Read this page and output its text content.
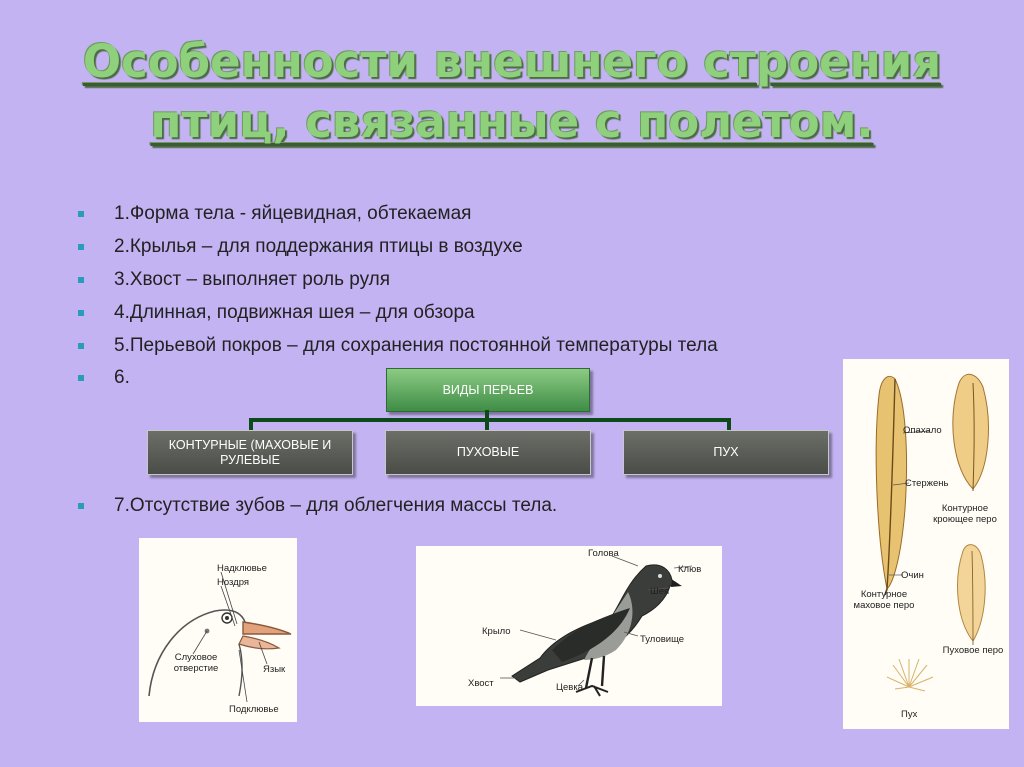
Особенности внешнего строения
птиц, связанные с полетом.
1.Форма тела - яйцевидная, обтекаемая
2.Крылья – для поддержания птицы в воздухе
3.Хвост – выполняет роль руля
4.Длинная, подвижная шея – для обзора
5.Перьевой покров – для сохранения постоянной температуры тела
6.
ВИДЫ ПЕРЬЕВ
КОНТУРНЫЕ (МАХОВЫЕ И РУЛЕВЫЕ
ПУХОВЫЕ	ПУХ
7.Отсутствие зубов – для облегчения массы тела.
Надклювье
Ноздря
Слуховое отверстие	Язык
Подклювье
Голова
Клюв
Шея
Крыло
Туловище
Хвост	Цевка
Опахало
Стержень
Очин
Контурное маховое перо
Контурное кроющее перо
Пуховое перо
Пух
